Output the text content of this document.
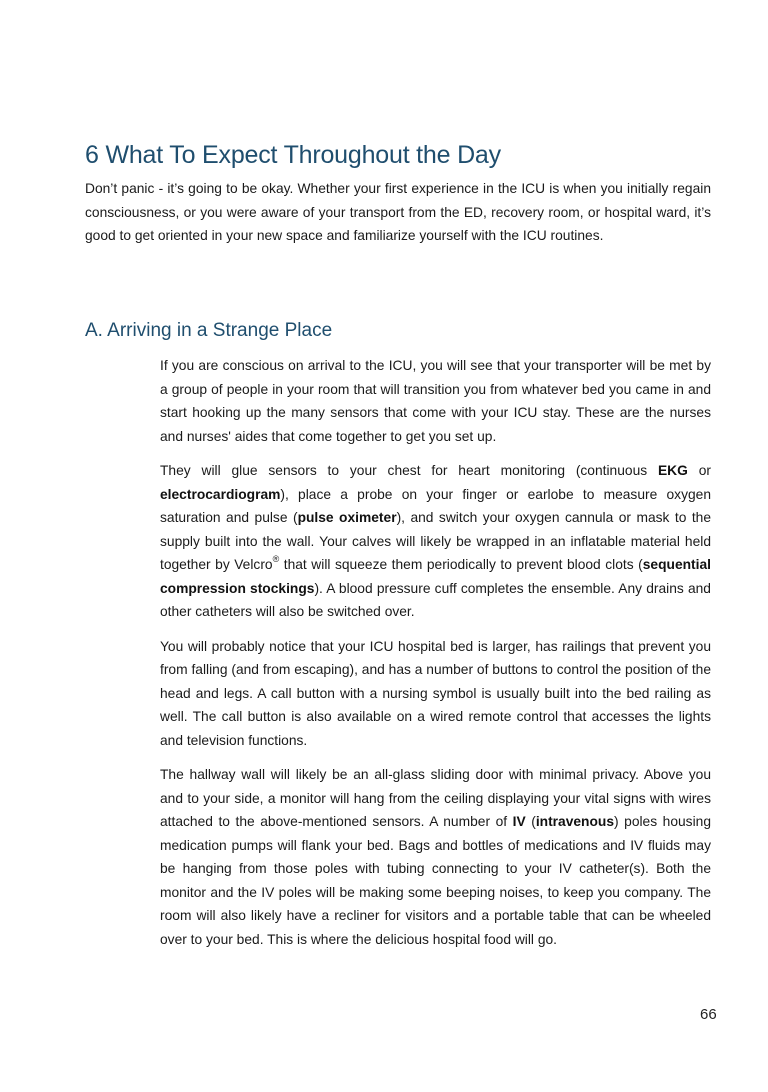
6 What To Expect Throughout the Day

Don’t panic - it’s going to be okay. Whether your first experience in the ICU is when you initially regain consciousness, or you were aware of your transport from the ED, recovery room, or hospital ward, it’s good to get oriented in your new space and familiarize yourself with the ICU routines.

A. Arriving in a Strange Place

If you are conscious on arrival to the ICU, you will see that your transporter will be met by a group of people in your room that will transition you from whatever bed you came in and start hooking up the many sensors that come with your ICU stay. These are the nurses and nurses' aides that come together to get you set up.

They will glue sensors to your chest for heart monitoring (continuous EKG or electrocardiogram), place a probe on your finger or earlobe to measure oxygen saturation and pulse (pulse oximeter), and switch your oxygen cannula or mask to the supply built into the wall. Your calves will likely be wrapped in an inflatable material held together by Velcro® that will squeeze them periodically to prevent blood clots (sequential compression stockings). A blood pressure cuff completes the ensemble. Any drains and other catheters will also be switched over.

You will probably notice that your ICU hospital bed is larger, has railings that prevent you from falling (and from escaping), and has a number of buttons to control the position of the head and legs. A call button with a nursing symbol is usually built into the bed railing as well. The call button is also available on a wired remote control that accesses the lights and television functions.

The hallway wall will likely be an all-glass sliding door with minimal privacy. Above you and to your side, a monitor will hang from the ceiling displaying your vital signs with wires attached to the above-mentioned sensors. A number of IV (intravenous) poles housing medication pumps will flank your bed. Bags and bottles of medications and IV fluids may be hanging from those poles with tubing connecting to your IV catheter(s). Both the monitor and the IV poles will be making some beeping noises, to keep you company. The room will also likely have a recliner for visitors and a portable table that can be wheeled over to your bed. This is where the delicious hospital food will go.

66
